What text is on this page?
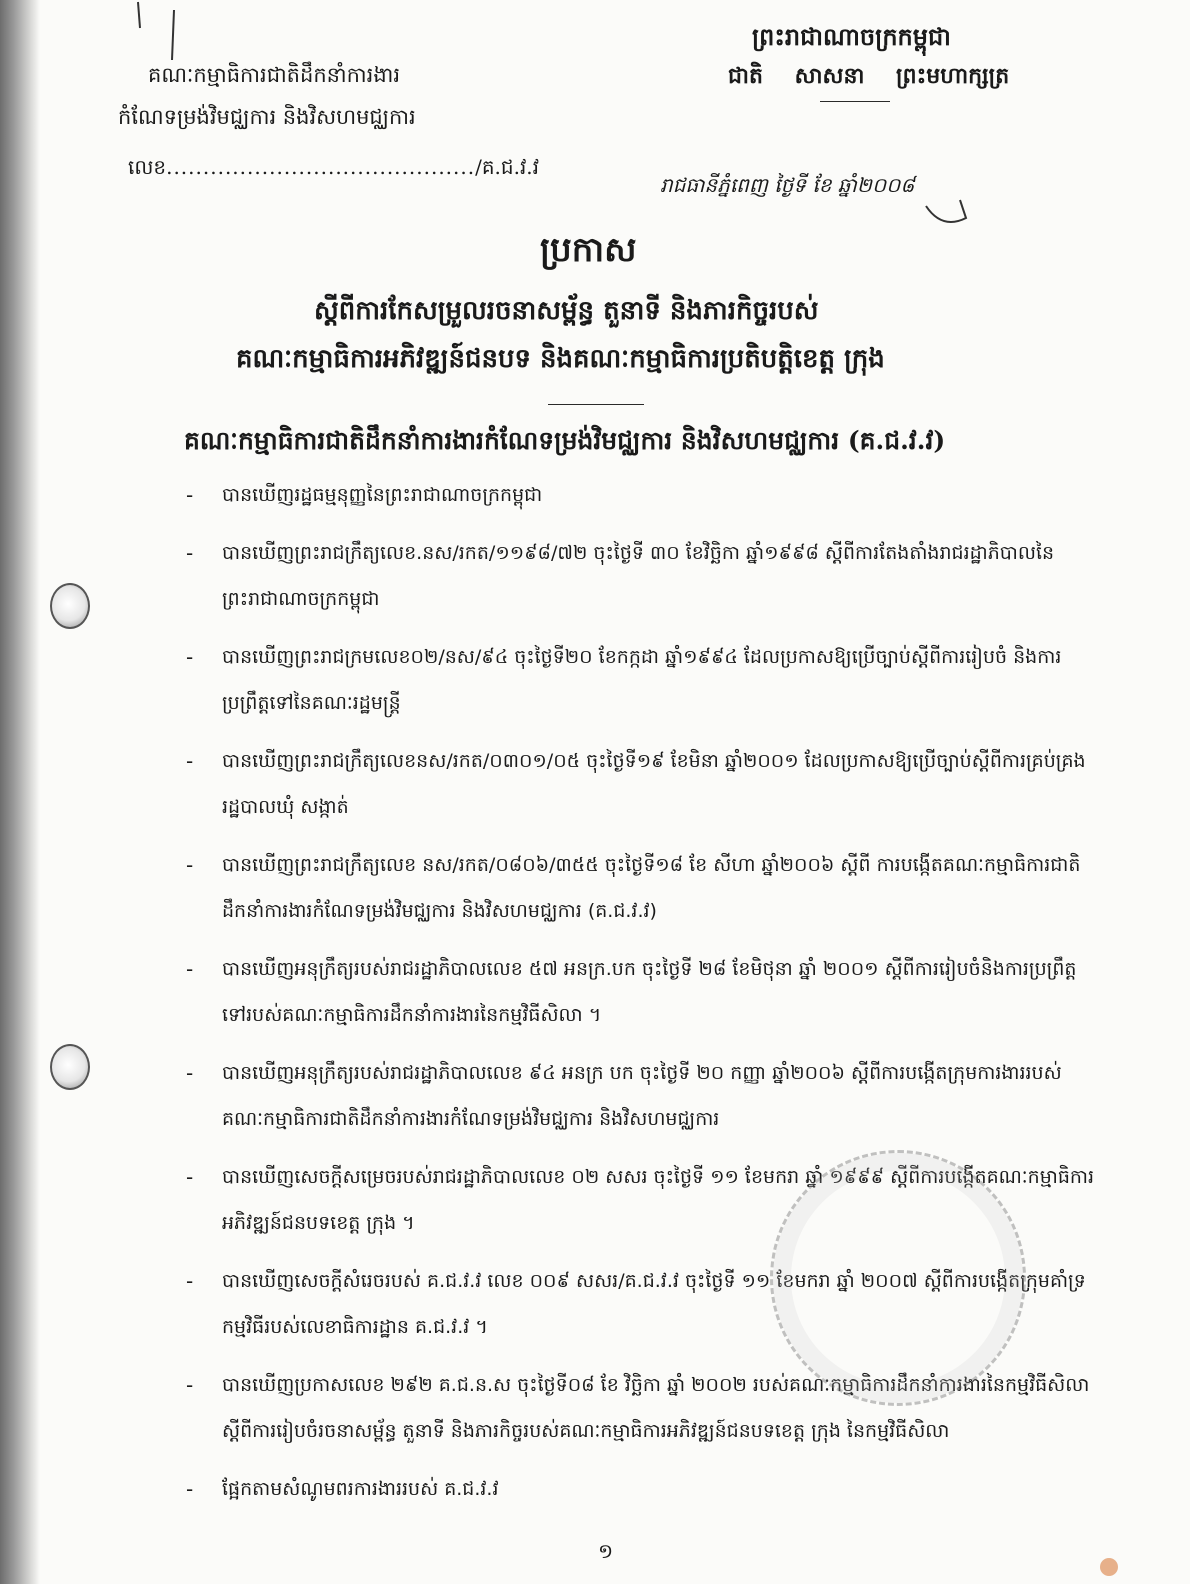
គណៈកម្មាធិការជាតិដឹកនាំការងារ
កំណែទម្រង់វិមជ្ឈការ និងវិសហមជ្ឈការ
លេខ........................................../គ.ជ.វ.វ
ព្រះរាជាណាចក្រកម្ពុជា
ជាតិ សាសនា ព្រះមហាក្សត្រ
រាជធានីភ្នំពេញ ថ្ងៃទី ខែ ឆ្នាំ២០០៨
ប្រកាស
ស្តីពីការកែសម្រួលរចនាសម្ព័ន្ធ តួនាទី និងភារកិច្ចរបស់
គណៈកម្មាធិការអភិវឌ្ឍន៍ជនបទ និងគណៈកម្មាធិការប្រតិបត្តិខេត្ត ក្រុង
គណៈកម្មាធិការជាតិដឹកនាំការងារកំណែទម្រង់វិមជ្ឈការ និងវិសហមជ្ឈការ (គ.ជ.វ.វ)
-	បានឃើញរដ្ឋធម្មនុញ្ញនៃព្រះរាជាណាចក្រកម្ពុជា
-	បានឃើញព្រះរាជក្រឹត្យលេខ.នស/រកត/១១៩៨/៧២ ចុះថ្ងៃទី ៣០ ខែវិច្ឆិកា ឆ្នាំ១៩៩៨ ស្តីពីការតែងតាំងរាជរដ្ឋាភិបាលនៃព្រះរាជាណាចក្រកម្ពុជា
-	បានឃើញព្រះរាជក្រមលេខ០២/នស/៩៤ ចុះថ្ងៃទី២០ ខែកក្កដា ឆ្នាំ១៩៩៤ ដែលប្រកាសឱ្យប្រើច្បាប់ស្តីពីការរៀបចំ និងការប្រព្រឹត្តទៅនៃគណៈរដ្ឋមន្ត្រី
-	បានឃើញព្រះរាជក្រឹត្យលេខនស/រកត/០៣០១/០៥ ចុះថ្ងៃទី១៩ ខែមិនា ឆ្នាំ២០០១ ដែលប្រកាសឱ្យប្រើច្បាប់ស្តីពីការគ្រប់គ្រងរដ្ឋបាលឃុំ សង្កាត់
-	បានឃើញព្រះរាជក្រឹត្យលេខ នស/រកត/០៨០៦/៣៥៥ ចុះថ្ងៃទី១៨ ខែ សីហា ឆ្នាំ២០០៦ ស្តីពី ការបង្កើតគណៈកម្មាធិការជាតិដឹកនាំការងារកំណែទម្រង់វិមជ្ឈការ និងវិសហមជ្ឈការ (គ.ជ.វ.វ)
-	បានឃើញអនុក្រឹត្យរបស់រាជរដ្ឋាភិបាលលេខ ៥៧ អនក្រ.បក ចុះថ្ងៃទី ២៨ ខែមិថុនា ឆ្នាំ ២០០១ ស្តីពីការរៀបចំនិងការប្រព្រឹត្តទៅរបស់គណៈកម្មាធិការដឹកនាំការងារនៃកម្មវិធីសិលា ។
-	បានឃើញអនុក្រឹត្យរបស់រាជរដ្ឋាភិបាលលេខ ៩៤ អនក្រ បក ចុះថ្ងៃទី ២០ កញ្ញា ឆ្នាំ២០០៦ ស្តីពីការបង្កើតក្រុមការងាររបស់គណៈកម្មាធិការជាតិដឹកនាំការងារកំណែទម្រង់វិមជ្ឈការ និងវិសហមជ្ឈការ
-	បានឃើញសេចក្តីសម្រេចរបស់រាជរដ្ឋាភិបាលលេខ ០២ សសរ ចុះថ្ងៃទី ១១ ខែមករា ឆ្នាំ ១៩៩៩ ស្តីពីការបង្កើតគណៈកម្មាធិការអភិវឌ្ឍន៍ជនបទខេត្ត ក្រុង ។
-	បានឃើញសេចក្តីសំរេចរបស់ គ.ជ.វ.វ លេខ ០០៩ សសរ/គ.ជ.វ.វ ចុះថ្ងៃទី ១១ ខែមករា ឆ្នាំ ២០០៧ ស្តីពីការបង្កើតក្រុមគាំទ្រកម្មវិធីរបស់លេខាធិការដ្ឋាន គ.ជ.វ.វ ។
-	បានឃើញប្រកាសលេខ ២៩២ គ.ជ.ន.ស ចុះថ្ងៃទី០៨ ខែ វិច្ឆិកា ឆ្នាំ ២០០២ របស់គណៈកម្មាធិការដឹកនាំការងារនៃកម្មវិធីសិលា ស្តីពីការរៀបចំរចនាសម្ព័ន្ធ តួនាទី និងភារកិច្ចរបស់គណៈកម្មាធិការអភិវឌ្ឍន៍ជនបទខេត្ត ក្រុង នៃកម្មវិធីសិលា
-	ផ្អែកតាមសំណូមពរការងាររបស់ គ.ជ.វ.វ
១
